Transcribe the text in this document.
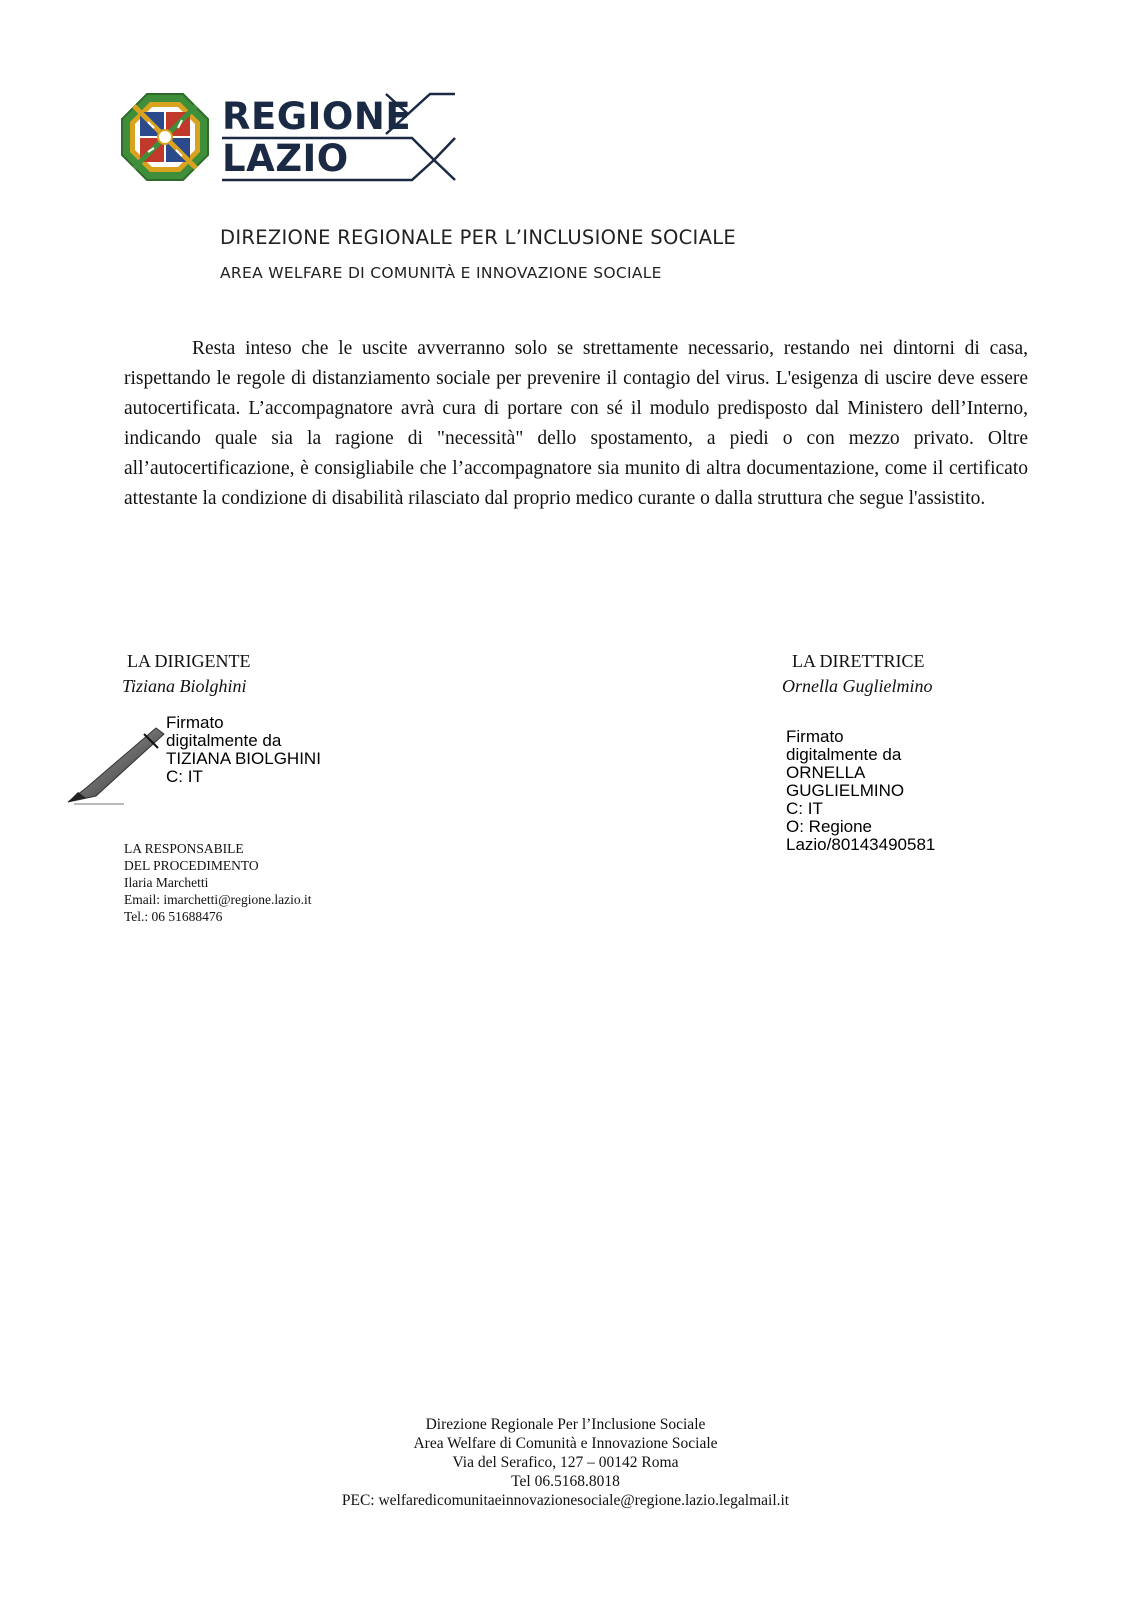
REGIONE
LAZIO
DIREZIONE REGIONALE PER L’INCLUSIONE SOCIALE
AREA WELFARE DI COMUNITÀ E INNOVAZIONE SOCIALE
Resta inteso che le uscite avverranno solo se strettamente necessario, restando nei dintorni di casa, rispettando le regole di distanziamento sociale per prevenire il contagio del virus. L'esigenza di uscire deve essere autocertificata. L’accompagnatore avrà cura di portare con sé il modulo predisposto dal Ministero dell’Interno, indicando quale sia la ragione di "necessità" dello spostamento, a piedi o con mezzo privato. Oltre all’autocertificazione, è consigliabile che l’accompagnatore sia munito di altra documentazione, come il certificato attestante la condizione di disabilità rilasciato dal proprio medico curante o dalla struttura che segue l'assistito.
LA DIRIGENTE
Tiziana Biolghini
Firmato
digitalmente da
TIZIANA BIOLGHINI
C: IT
LA DIRETTRICE
Ornella Guglielmino
Firmato
digitalmente da
ORNELLA
GUGLIELMINO
C: IT
O: Regione
Lazio/80143490581
LA RESPONSABILE
DEL PROCEDIMENTO
Ilaria Marchetti
Email: imarchetti@regione.lazio.it
Tel.: 06 51688476
Direzione Regionale Per l’Inclusione Sociale
Area Welfare di Comunità e Innovazione Sociale
Via del Serafico, 127 – 00142 Roma
Tel 06.5168.8018
PEC: welfaredicomunitaeinnovazionesociale@regione.lazio.legalmail.it
